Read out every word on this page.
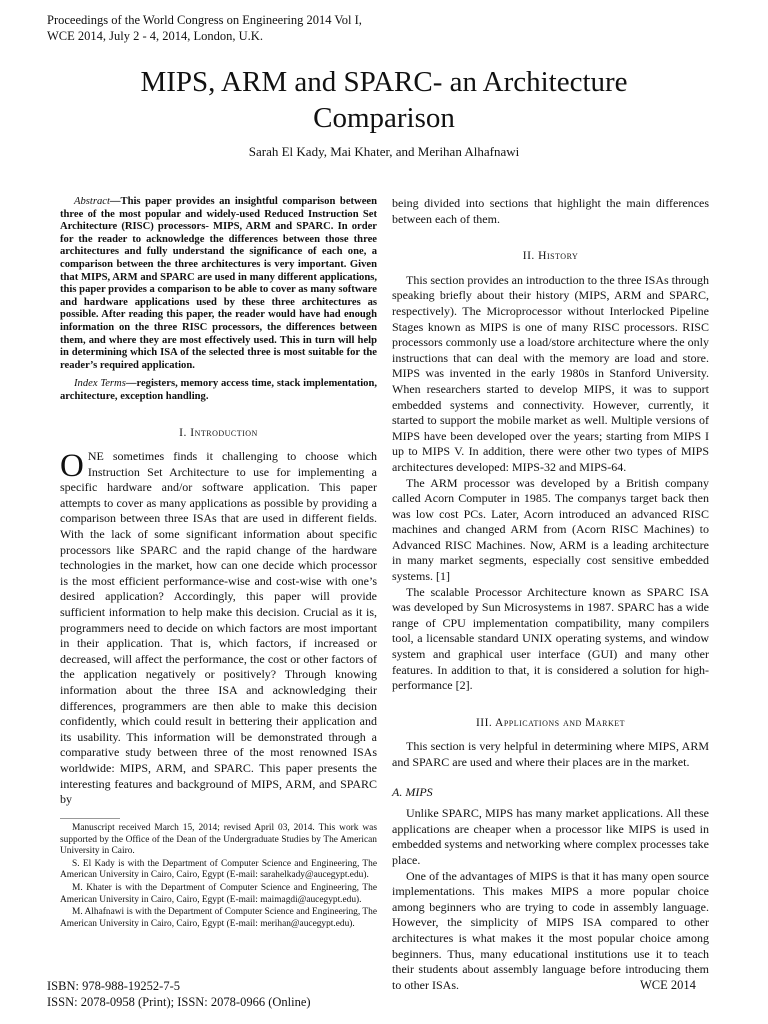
Proceedings of the World Congress on Engineering 2014 Vol I,
WCE 2014, July 2 - 4, 2014, London, U.K.
MIPS, ARM and SPARC- an Architecture
Comparison
Sarah El Kady, Mai Khater, and Merihan Alhafnawi

Abstract—This paper provides an insightful comparison between three of the most popular and widely-used Reduced Instruction Set Architecture (RISC) processors- MIPS, ARM and SPARC. In order for the reader to acknowledge the differences between those three architectures and fully understand the significance of each one, a comparison between the three architectures is very important. Given that MIPS, ARM and SPARC are used in many different applications, this paper provides a comparison to be able to cover as many software and hardware applications used by these three architectures as possible. After reading this paper, the reader would have had enough information on the three RISC processors, the differences between them, and where they are most effectively used. This in turn will help in determining which ISA of the selected three is most suitable for the reader’s required application.

Index Terms—registers, memory access time, stack implementation, architecture, exception handling.

I. Introduction

ONE sometimes finds it challenging to choose which Instruction Set Architecture to use for implementing a specific hardware and/or software application. This paper attempts to cover as many applications as possible by providing a comparison between three ISAs that are used in different fields. With the lack of some significant information about specific processors like SPARC and the rapid change of the hardware technologies in the market, how can one decide which processor is the most efficient performance-wise and cost-wise with one’s desired application? Accordingly, this paper will provide sufficient information to help make this decision. Crucial as it is, programmers need to decide on which factors are most important in their application. That is, which factors, if increased or decreased, will affect the performance, the cost or other factors of the application negatively or positively? Through knowing information about the three ISA and acknowledging their differences, programmers are then able to make this decision confidently, which could result in bettering their application and its usability. This information will be demonstrated through a comparative study between three of the most renowned ISAs worldwide: MIPS, ARM, and SPARC. This paper presents the interesting features and background of MIPS, ARM, and SPARC by

Manuscript received March 15, 2014; revised April 03, 2014. This work was supported by the Office of the Dean of the Undergraduate Studies by The American University in Cairo.

S. El Kady is with the Department of Computer Science and Engineering, The American University in Cairo, Cairo, Egypt (E-mail: sarahelkady@aucegypt.edu).

M. Khater is with the Department of Computer Science and Engineering, The American University in Cairo, Cairo, Egypt (E-mail: maimagdi@aucegypt.edu).

M. Alhafnawi is with the Department of Computer Science and Engineering, The American University in Cairo, Cairo, Egypt (E-mail: merihan@aucegypt.edu).

being divided into sections that highlight the main differences between each of them.

II. History

This section provides an introduction to the three ISAs through speaking briefly about their history (MIPS, ARM and SPARC, respectively). The Microprocessor without Interlocked Pipeline Stages known as MIPS is one of many RISC processors. RISC processors commonly use a load/store architecture where the only instructions that can deal with the memory are load and store. MIPS was invented in the early 1980s in Stanford University. When researchers started to develop MIPS, it was to support embedded systems and connectivity. However, currently, it started to support the mobile market as well. Multiple versions of MIPS have been developed over the years; starting from MIPS I up to MIPS V. In addition, there were other two types of MIPS architectures developed: MIPS-32 and MIPS-64.

The ARM processor was developed by a British company called Acorn Computer in 1985. The companys target back then was low cost PCs. Later, Acorn introduced an advanced RISC machines and changed ARM from (Acorn RISC Machines) to Advanced RISC Machines. Now, ARM is a leading architecture in many market segments, especially cost sensitive embedded systems. [1]

The scalable Processor Architecture known as SPARC ISA was developed by Sun Microsystems in 1987. SPARC has a wide range of CPU implementation compatibility, many compilers tool, a licensable standard UNIX operating systems, and window system and graphical user interface (GUI) and many other features. In addition to that, it is considered a solution for high-performance [2].

III. Applications and Market

This section is very helpful in determining where MIPS, ARM and SPARC are used and where their places are in the market.

A. MIPS

Unlike SPARC, MIPS has many market applications. All these applications are cheaper when a processor like MIPS is used in embedded systems and networking where complex processes take place.

One of the advantages of MIPS is that it has many open source implementations. This makes MIPS a more popular choice among beginners who are trying to code in assembly language. However, the simplicity of MIPS ISA compared to other architectures is what makes it the most popular choice among beginners. Thus, many educational institutions use it to teach their students about assembly language before introducing them to other ISAs.

ISBN: 978-988-19252-7-5
ISSN: 2078-0958 (Print); ISSN: 2078-0966 (Online)
WCE 2014
